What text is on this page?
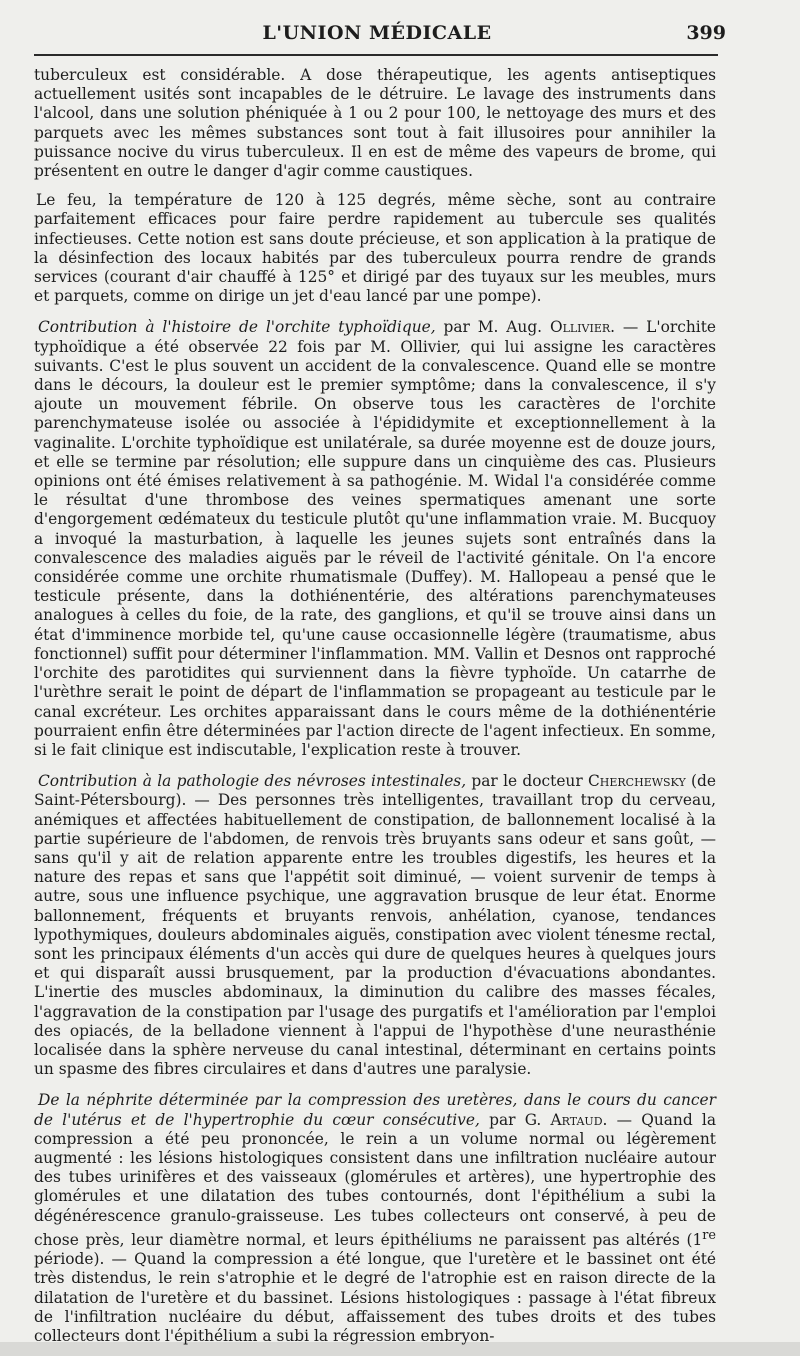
L'UNION MÉDICALE	399

tuberculeux est considérable. A dose thérapeutique, les agents antiseptiques actuellement usités sont incapables de le détruire. Le lavage des instruments dans l'alcool, dans une solution phéniquée à 1 ou 2 pour 100, le nettoyage des murs et des parquets avec les mêmes substances sont tout à fait illusoires pour annihiler la puissance nocive du virus tuberculeux. Il en est de même des vapeurs de brome, qui présentent en outre le danger d'agir comme caustiques.

Le feu, la température de 120 à 125 degrés, même sèche, sont au contraire parfaitement efficaces pour faire perdre rapidement au tubercule ses qualités infectieuses. Cette notion est sans doute précieuse, et son application à la pratique de la désinfection des locaux habités par des tuberculeux pourra rendre de grands services (courant d'air chauffé à 125° et dirigé par des tuyaux sur les meubles, murs et parquets, comme on dirige un jet d'eau lancé par une pompe).

Contribution à l'histoire de l'orchite typhoïdique, par M. Aug. Ollivier. — L'orchite typhoïdique a été observée 22 fois par M. Ollivier, qui lui assigne les caractères suivants. C'est le plus souvent un accident de la convalescence. Quand elle se montre dans le décours, la douleur est le premier symptôme; dans la convalescence, il s'y ajoute un mouvement fébrile. On observe tous les caractères de l'orchite parenchymateuse isolée ou associée à l'épididymite et exceptionnellement à la vaginalite. L'orchite typhoïdique est unilatérale, sa durée moyenne est de douze jours, et elle se termine par résolution; elle suppure dans un cinquième des cas. Plusieurs opinions ont été émises relativement à sa pathogénie. M. Widal l'a considérée comme le résultat d'une thrombose des veines spermatiques amenant une sorte d'engorgement œdémateux du testicule plutôt qu'une inflammation vraie. M. Bucquoy a invoqué la masturbation, à laquelle les jeunes sujets sont entraînés dans la convalescence des maladies aiguës par le réveil de l'activité génitale. On l'a encore considérée comme une orchite rhumatismale (Duffey). M. Hallopeau a pensé que le testicule présente, dans la dothiénentérie, des altérations parenchymateuses analogues à celles du foie, de la rate, des ganglions, et qu'il se trouve ainsi dans un état d'imminence morbide tel, qu'une cause occasionnelle légère (traumatisme, abus fonctionnel) suffit pour déterminer l'inflammation. MM. Vallin et Desnos ont rapproché l'orchite des parotidites qui surviennent dans la fièvre typhoïde. Un catarrhe de l'urèthre serait le point de départ de l'inflammation se propageant au testicule par le canal excréteur. Les orchites apparaissant dans le cours même de la dothiénentérie pourraient enfin être déterminées par l'action directe de l'agent infectieux. En somme, si le fait clinique est indiscutable, l'explication reste à trouver.

Contribution à la pathologie des névroses intestinales, par le docteur Cherchewsky (de Saint-Pétersbourg). — Des personnes très intelligentes, travaillant trop du cerveau, anémiques et affectées habituellement de constipation, de ballonnement localisé à la partie supérieure de l'abdomen, de renvois très bruyants sans odeur et sans goût, — sans qu'il y ait de relation apparente entre les troubles digestifs, les heures et la nature des repas et sans que l'appétit soit diminué, — voient survenir de temps à autre, sous une influence psychique, une aggravation brusque de leur état. Enorme ballonnement, fréquents et bruyants renvois, anhélation, cyanose, tendances lypothymiques, douleurs abdominales aiguës, constipation avec violent ténesme rectal, sont les principaux éléments d'un accès qui dure de quelques heures à quelques jours et qui disparaît aussi brusquement, par la production d'évacuations abondantes. L'inertie des muscles abdominaux, la diminution du calibre des masses fécales, l'aggravation de la constipation par l'usage des purgatifs et l'amélioration par l'emploi des opiacés, de la belladone viennent à l'appui de l'hypothèse d'une neurasthénie localisée dans la sphère nerveuse du canal intestinal, déterminant en certains points un spasme des fibres circulaires et dans d'autres une paralysie.

De la néphrite déterminée par la compression des uretères, dans le cours du cancer de l'utérus et de l'hypertrophie du cœur consécutive, par G. Artaud. — Quand la compression a été peu prononcée, le rein a un volume normal ou légèrement augmenté : les lésions histologiques consistent dans une infiltration nucléaire autour des tubes urinifères et des vaisseaux (glomérules et artères), une hypertrophie des glomérules et une dilatation des tubes contournés, dont l'épithélium a subi la dégénérescence granulo-graisseuse. Les tubes collecteurs ont conservé, à peu de chose près, leur diamètre normal, et leurs épithéliums ne paraissent pas altérés (1re période). — Quand la compression a été longue, que l'uretère et le bassinet ont été très distendus, le rein s'atrophie et le degré de l'atrophie est en raison directe de la dilatation de l'uretère et du bassinet. Lésions histologiques : passage à l'état fibreux de l'infiltration nucléaire du début, affaissement des tubes droits et des tubes collecteurs dont l'épithélium a subi la régression embryon-
